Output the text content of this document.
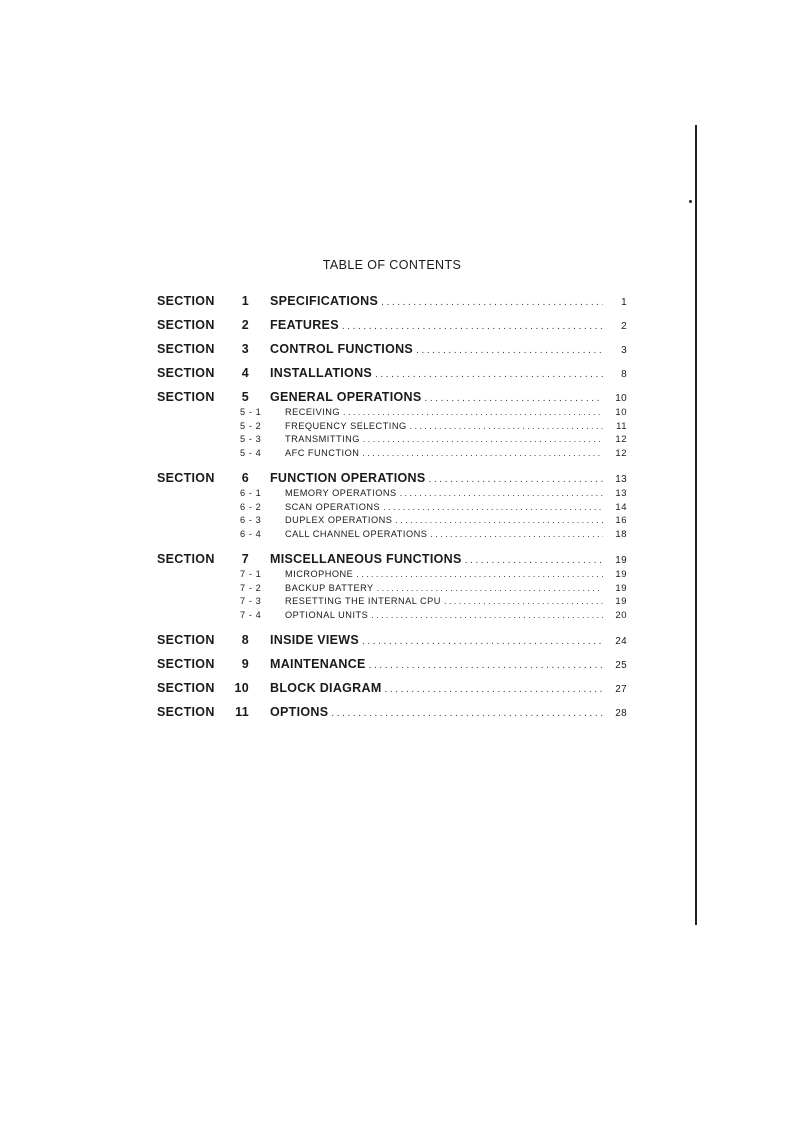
TABLE OF CONTENTS
SECTION	1 SPECIFICATIONS .....	1
SECTION	2 FEATURES .....	2
SECTION	3 CONTROL FUNCTIONS .....	3
SECTION	4 INSTALLATIONS .....	8
SECTION	5 GENERAL OPERATIONS .....	10
5 - 1	RECEIVING .....	10
5 - 2	FREQUENCY SELECTING .....	11
5 - 3	TRANSMITTING .....	12
5 - 4	AFC FUNCTION .....	12
SECTION	6 FUNCTION OPERATIONS .....	13
6 - 1	MEMORY OPERATIONS .....	13
6 - 2	SCAN OPERATIONS .....	14
6 - 3	DUPLEX OPERATIONS .....	16
6 - 4	CALL CHANNEL OPERATIONS .....	18
SECTION	7 MISCELLANEOUS FUNCTIONS .....	19
7 - 1	MICROPHONE .....	19
7 - 2	BACKUP BATTERY .....	19
7 - 3	RESETTING THE INTERNAL CPU .....	19
7 - 4	OPTIONAL UNITS .....	20
SECTION	8 INSIDE VIEWS .....	24
SECTION	9 MAINTENANCE .....	25
SECTION	10 BLOCK DIAGRAM .....	27
SECTION	11 OPTIONS .....	28
